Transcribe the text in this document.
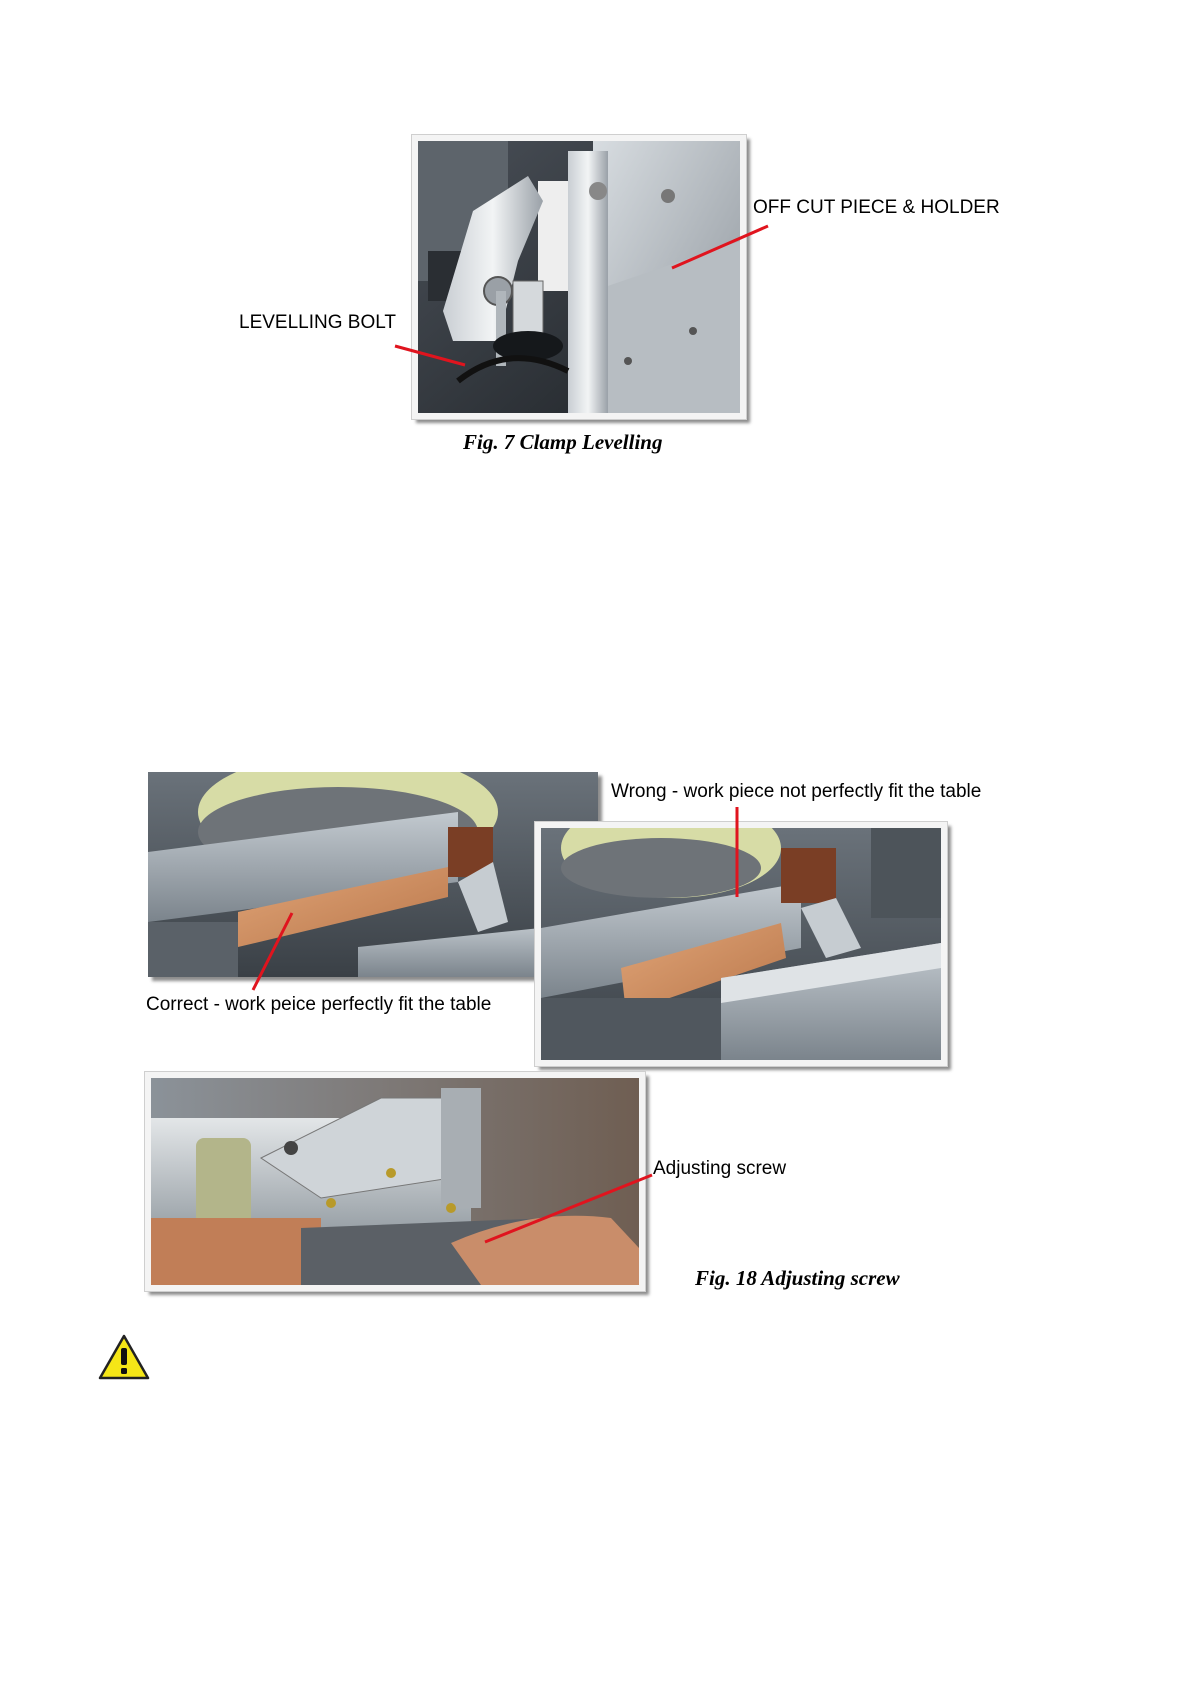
LEVELLING BOLT
OFF CUT PIECE & HOLDER
Fig. 7 Clamp Levelling
Wrong - work piece not perfectly fit the table
Correct - work peice perfectly fit the table
Adjusting screw
Fig. 18 Adjusting screw
